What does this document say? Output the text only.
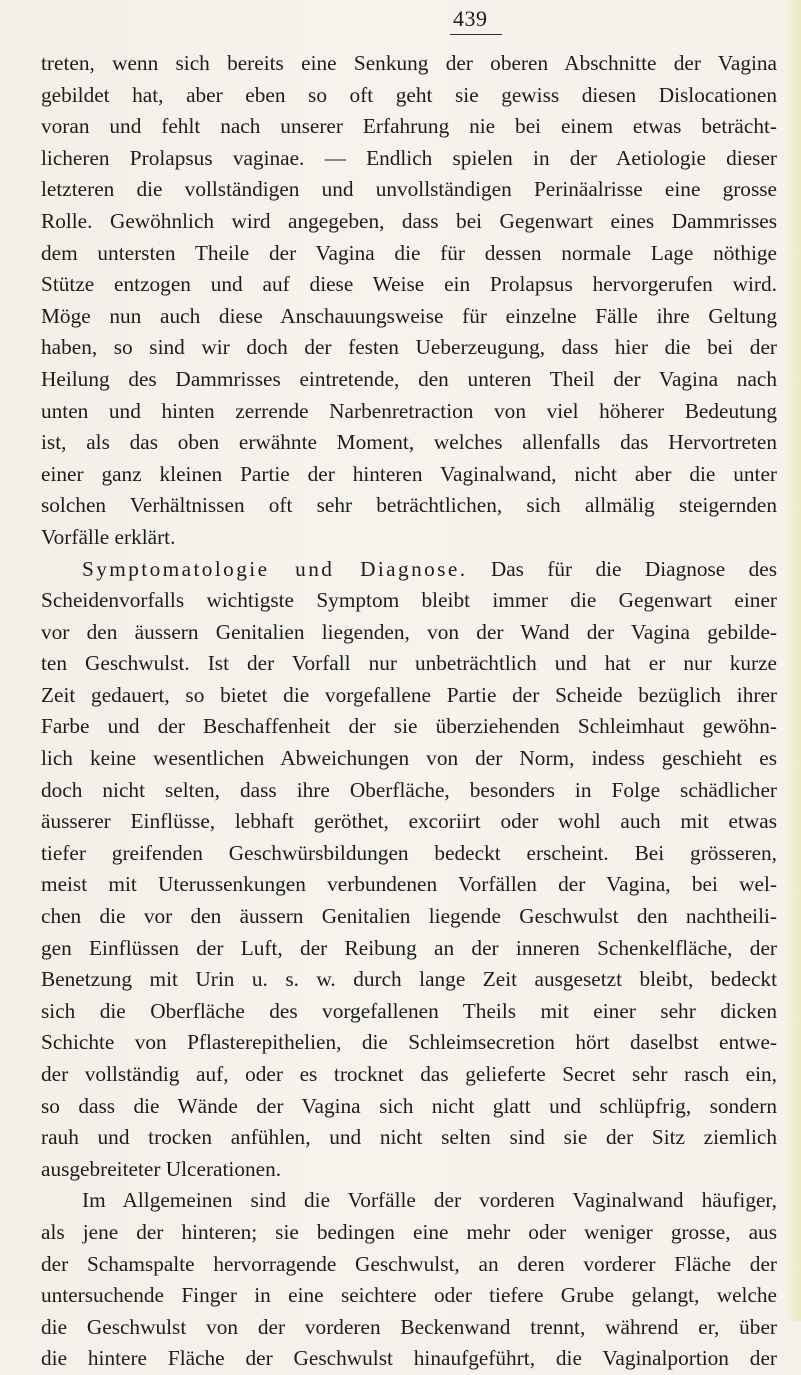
439
treten, wenn sich bereits eine Senkung der oberen Abschnitte der Vagina
gebildet hat, aber eben so oft geht sie gewiss diesen Dislocationen
voran und fehlt nach unserer Erfahrung nie bei einem etwas beträcht-
licheren Prolapsus vaginae. — Endlich spielen in der Aetiologie dieser
letzteren die vollständigen und unvollständigen Perinäalrisse eine grosse
Rolle. Gewöhnlich wird angegeben, dass bei Gegenwart eines Dammrisses
dem untersten Theile der Vagina die für dessen normale Lage nöthige
Stütze entzogen und auf diese Weise ein Prolapsus hervorgerufen wird.
Möge nun auch diese Anschauungsweise für einzelne Fälle ihre Geltung
haben, so sind wir doch der festen Ueberzeugung, dass hier die bei der
Heilung des Dammrisses eintretende, den unteren Theil der Vagina nach
unten und hinten zerrende Narbenretraction von viel höherer Bedeutung
ist, als das oben erwähnte Moment, welches allenfalls das Hervortreten
einer ganz kleinen Partie der hinteren Vaginalwand, nicht aber die unter
solchen Verhältnissen oft sehr beträchtlichen, sich allmälig steigernden
Vorfälle erklärt.
Symptomatologie und Diagnose. Das für die Diagnose des
Scheidenvorfalls wichtigste Symptom bleibt immer die Gegenwart einer
vor den äussern Genitalien liegenden, von der Wand der Vagina gebilde-
ten Geschwulst. Ist der Vorfall nur unbeträchtlich und hat er nur kurze
Zeit gedauert, so bietet die vorgefallene Partie der Scheide bezüglich ihrer
Farbe und der Beschaffenheit der sie überziehenden Schleimhaut gewöhn-
lich keine wesentlichen Abweichungen von der Norm, indess geschieht es
doch nicht selten, dass ihre Oberfläche, besonders in Folge schädlicher
äusserer Einflüsse, lebhaft geröthet, excoriirt oder wohl auch mit etwas
tiefer greifenden Geschwürsbildungen bedeckt erscheint. Bei grösseren,
meist mit Uterussenkungen verbundenen Vorfällen der Vagina, bei wel-
chen die vor den äussern Genitalien liegende Geschwulst den nachtheili-
gen Einflüssen der Luft, der Reibung an der inneren Schenkelfläche, der
Benetzung mit Urin u. s. w. durch lange Zeit ausgesetzt bleibt, bedeckt
sich die Oberfläche des vorgefallenen Theils mit einer sehr dicken
Schichte von Pflasterepithelien, die Schleimsecretion hört daselbst entwe-
der vollständig auf, oder es trocknet das gelieferte Secret sehr rasch ein,
so dass die Wände der Vagina sich nicht glatt und schlüpfrig, sondern
rauh und trocken anfühlen, und nicht selten sind sie der Sitz ziemlich
ausgebreiteter Ulcerationen.
Im Allgemeinen sind die Vorfälle der vorderen Vaginalwand häufiger,
als jene der hinteren; sie bedingen eine mehr oder weniger grosse, aus
der Schamspalte hervorragende Geschwulst, an deren vorderer Fläche der
untersuchende Finger in eine seichtere oder tiefere Grube gelangt, welche
die Geschwulst von der vorderen Beckenwand trennt, während er, über
die hintere Fläche der Geschwulst hinaufgeführt, die Vaginalportion der
